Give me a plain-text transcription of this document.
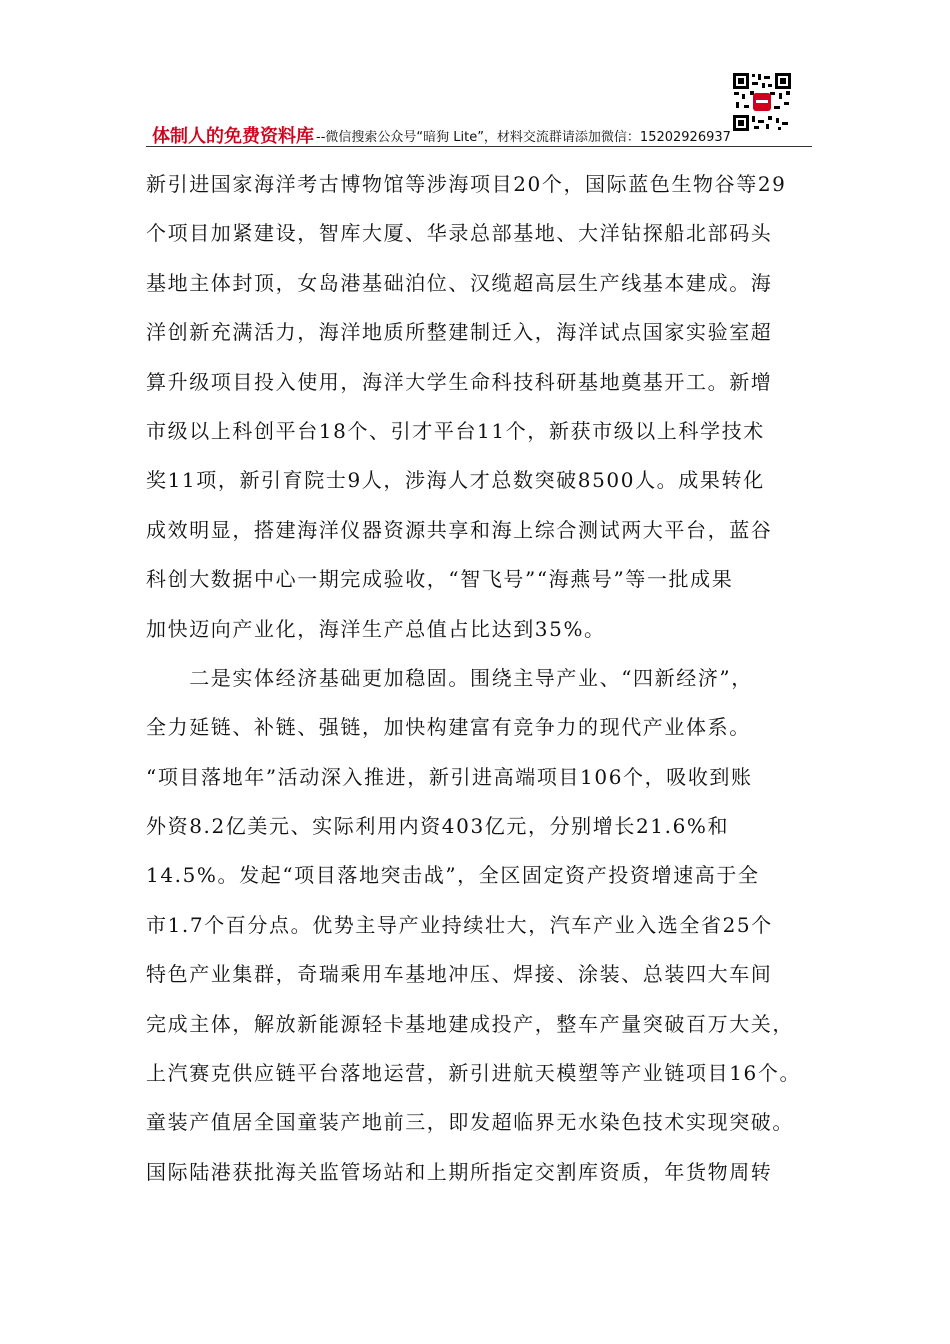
体制人的免费资料库 --微信搜索公众号“暗狗 Lite”，材料交流群请添加微信：15202926937
新引进国家海洋考古博物馆等涉海项目20个，国际蓝色生物谷等29
个项目加紧建设，智库大厦、华录总部基地、大洋钻探船北部码头
基地主体封顶，女岛港基础泊位、汉缆超高层生产线基本建成。海
洋创新充满活力，海洋地质所整建制迁入，海洋试点国家实验室超
算升级项目投入使用，海洋大学生命科技科研基地奠基开工。新增
市级以上科创平台18个、引才平台11个，新获市级以上科学技术
奖11项，新引育院士9人，涉海人才总数突破8500人。成果转化
成效明显，搭建海洋仪器资源共享和海上综合测试两大平台，蓝谷
科创大数据中心一期完成验收，“智飞号”“海燕号”等一批成果
加快迈向产业化，海洋生产总值占比达到35%。
　　二是实体经济基础更加稳固。围绕主导产业、“四新经济”，
全力延链、补链、强链，加快构建富有竞争力的现代产业体系。
“项目落地年”活动深入推进，新引进高端项目106个，吸收到账
外资8.2亿美元、实际利用内资403亿元，分别增长21.6%和
14.5%。发起“项目落地突击战”，全区固定资产投资增速高于全
市1.7个百分点。优势主导产业持续壮大，汽车产业入选全省25个
特色产业集群，奇瑞乘用车基地冲压、焊接、涂装、总装四大车间
完成主体，解放新能源轻卡基地建成投产，整车产量突破百万大关，
上汽赛克供应链平台落地运营，新引进航天模塑等产业链项目16个。
童装产值居全国童装产地前三，即发超临界无水染色技术实现突破。
国际陆港获批海关监管场站和上期所指定交割库资质，年货物周转
